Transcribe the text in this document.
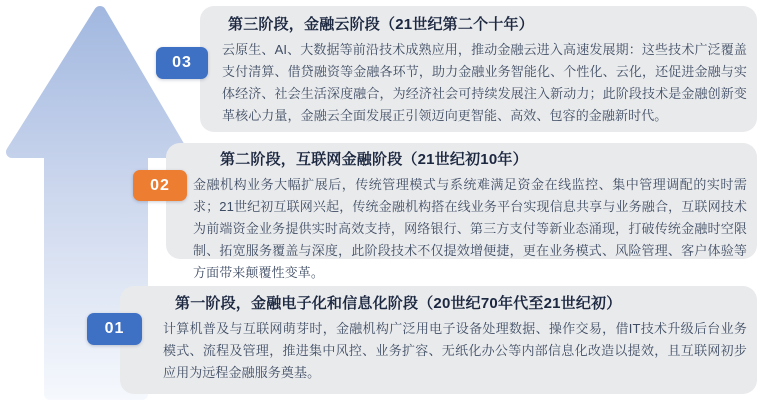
第三阶段，金融云阶段（21世纪第二个十年）

云原生、AI、大数据等前沿技术成熟应用，推动金融云进入高速发展期：这些技术广泛覆盖支付清算、借贷融资等金融各环节，助力金融业务智能化、个性化、云化，还促进金融与实体经济、社会生活深度融合，为经济社会可持续发展注入新动力；此阶段技术是金融创新变革核心力量，金融云全面发展正引领迈向更智能、高效、包容的金融新时代。

第二阶段，互联网金融阶段（21世纪初10年）

金融机构业务大幅扩展后，传统管理模式与系统难满足资金在线监控、集中管理调配的实时需求；21世纪初互联网兴起，传统金融机构搭在线业务平台实现信息共享与业务融合，互联网技术为前端资金业务提供实时高效支持，网络银行、第三方支付等新业态涌现，打破传统金融时空限制、拓宽服务覆盖与深度，此阶段技术不仅提效增便捷，更在业务模式、风险管理、客户体验等方面带来颠覆性变革。

第一阶段，金融电子化和信息化阶段（20世纪70年代至21世纪初）

计算机普及与互联网萌芽时，金融机构广泛用电子设备处理数据、操作交易，借IT技术升级后台业务模式、流程及管理，推进集中风控、业务扩容、无纸化办公等内部信息化改造以提效，且互联网初步应用为远程金融服务奠基。

03
02
01
